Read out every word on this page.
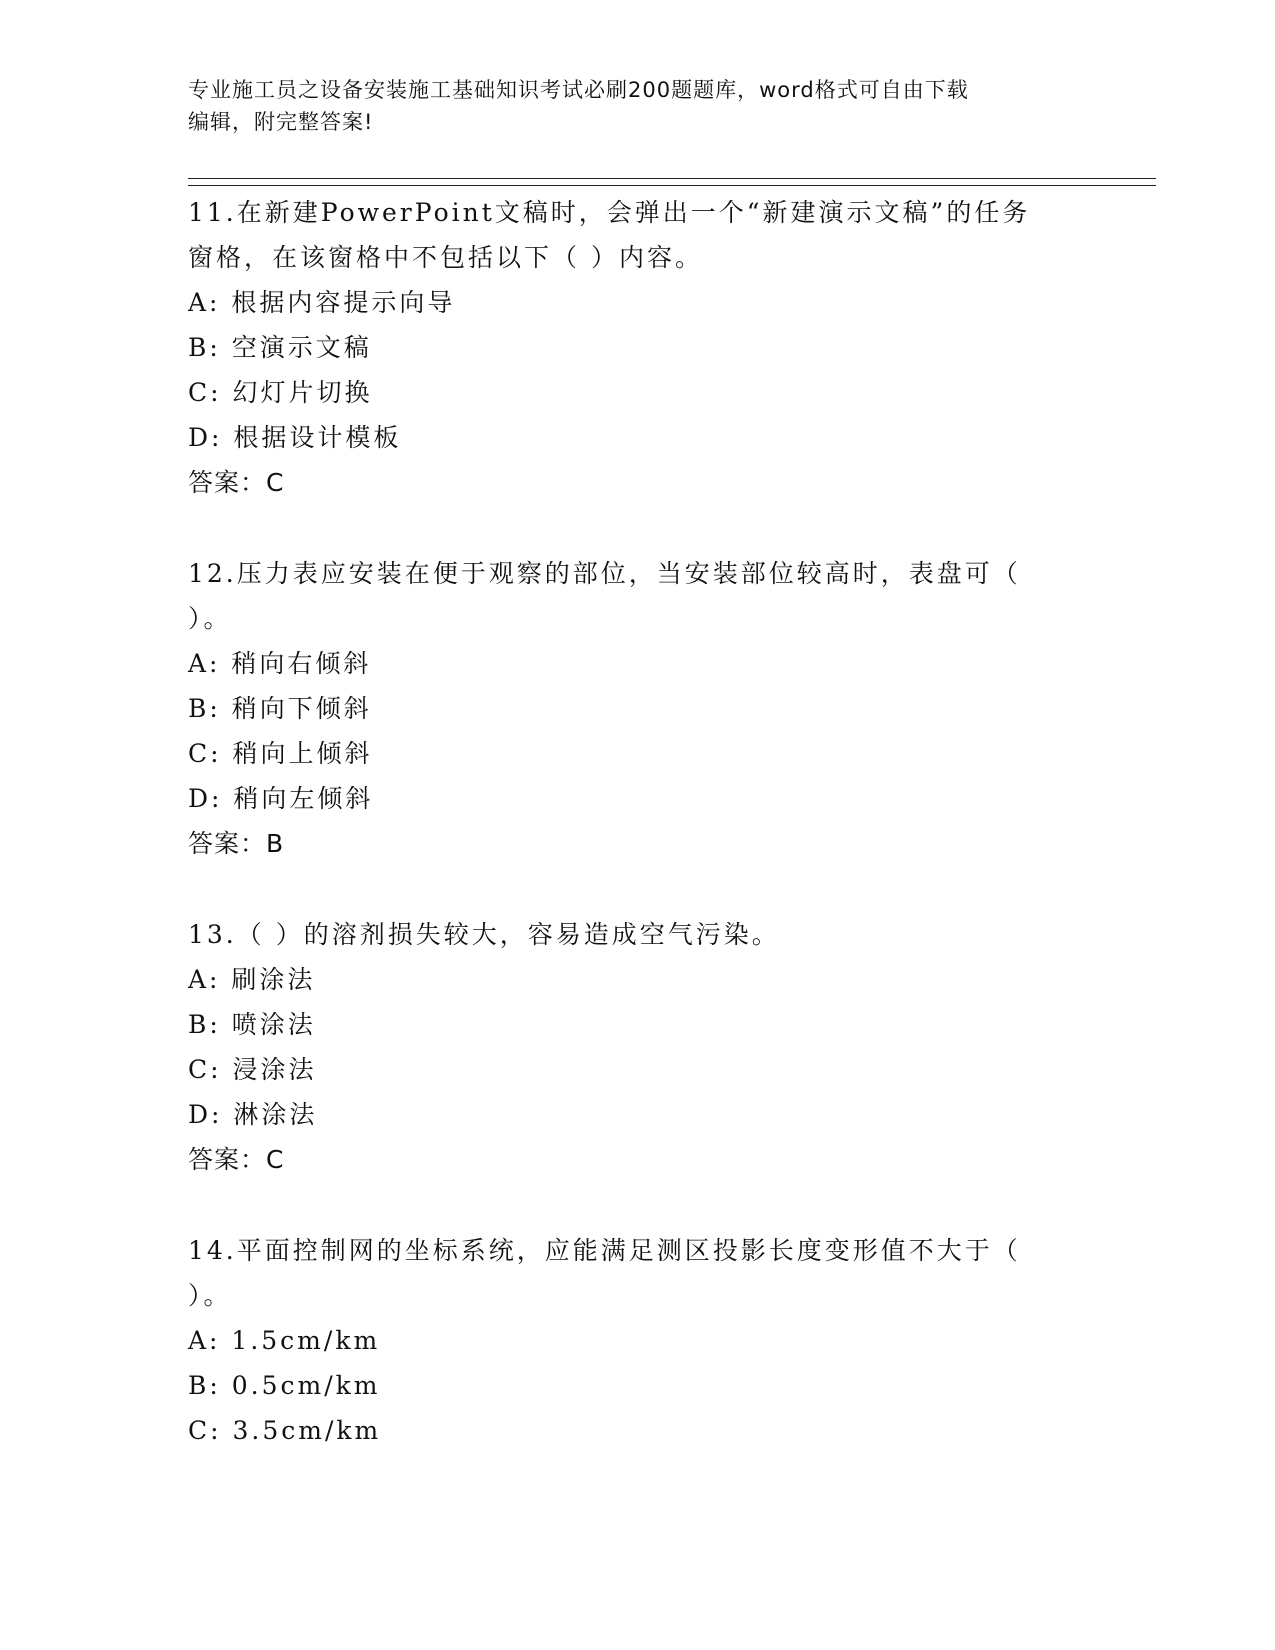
专业施工员之设备安装施工基础知识考试必刷200题题库，word格式可自由下载
编辑，附完整答案!
11.在新建PowerPoint文稿时，会弹出一个“新建演示文稿”的任务
窗格，在该窗格中不包括以下（ ）内容。
A: 根据内容提示向导
B: 空演示文稿
C: 幻灯片切换
D: 根据设计模板
答案：C
12.压力表应安装在便于观察的部位，当安装部位较高时，表盘可（
）。
A: 稍向右倾斜
B: 稍向下倾斜
C: 稍向上倾斜
D: 稍向左倾斜
答案：B
13.（ ）的溶剂损失较大，容易造成空气污染。
A: 刷涂法
B: 喷涂法
C: 浸涂法
D: 淋涂法
答案：C
14.平面控制网的坐标系统，应能满足测区投影长度变形值不大于（
）。
A: 1.5cm/km
B: 0.5cm/km
C: 3.5cm/km
